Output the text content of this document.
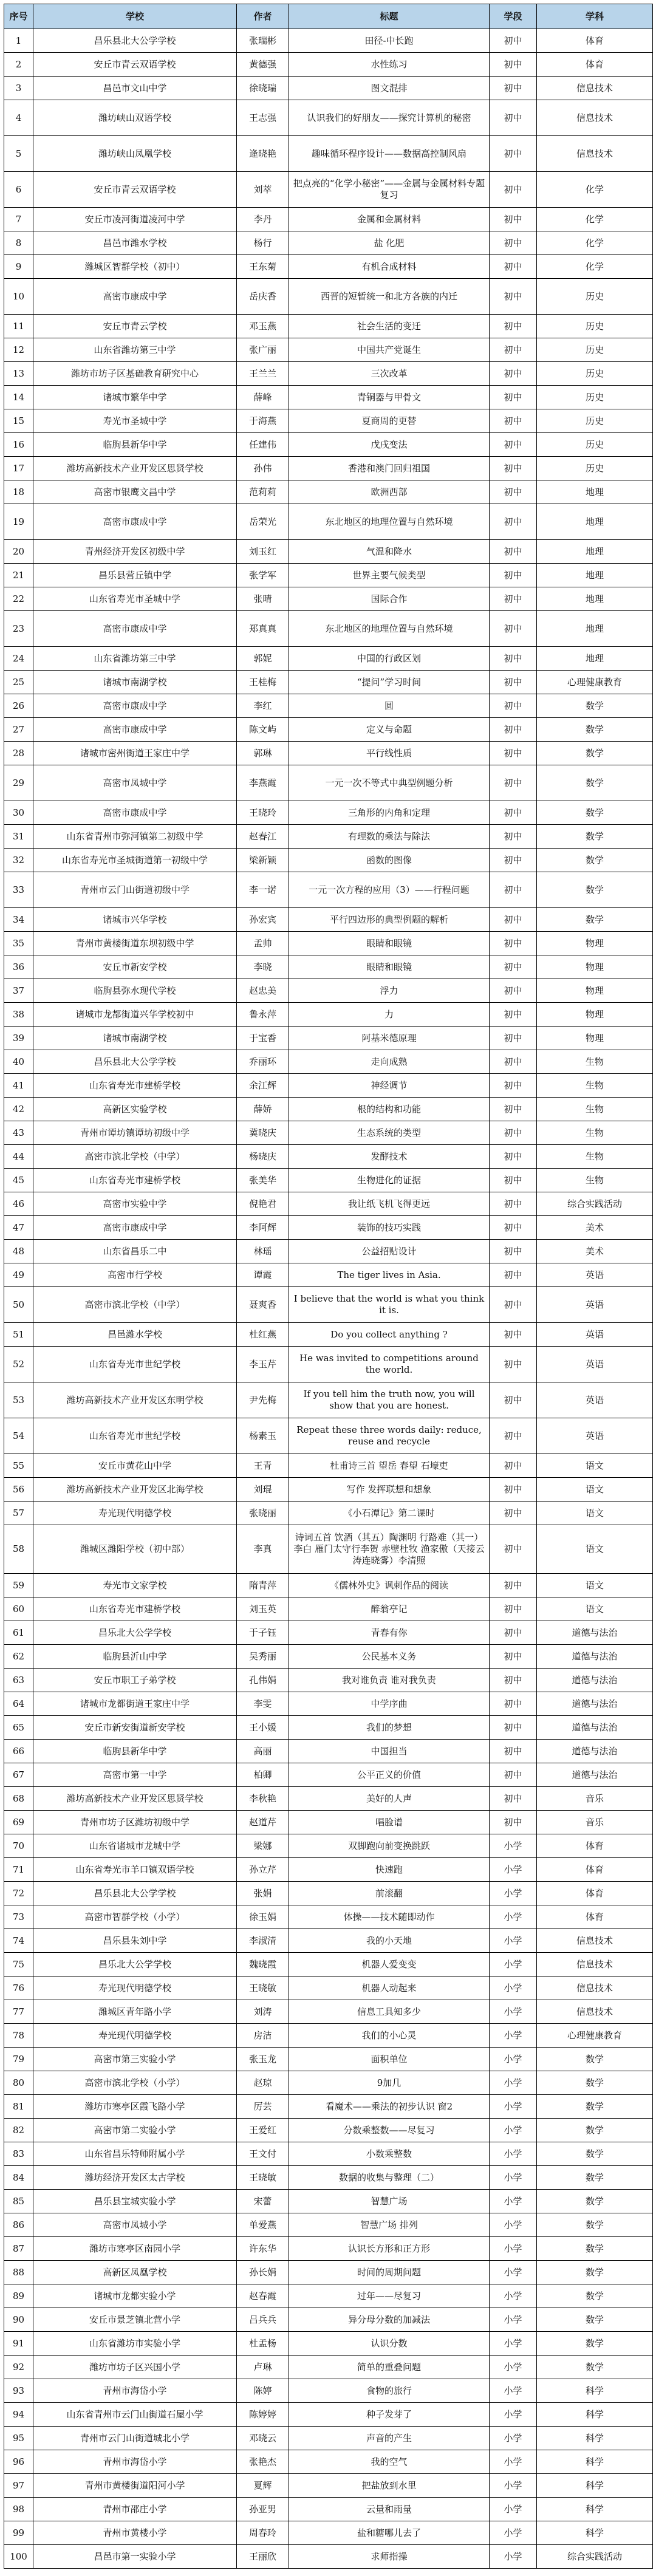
序号	学校	作者	标题	学段	学科
1	昌乐县北大公学学校	张瑞彬	田径-中长跑	初中	体育
2	安丘市青云双语学校	黄德强	水性练习	初中	体育
3	昌邑市文山中学	徐晓瑞	图文混排	初中	信息技术
4	潍坊峡山双语学校	王志强	认识我们的好朋友——探究计算机的秘密	初中	信息技术
5	潍坊峡山凤凰学校	逄晓艳	趣味循环程序设计——数据高控制风扇	初中	信息技术
6	安丘市青云双语学校	刘萃	把点亮的“化学小秘密”——金属与金属材料专题复习	初中	化学
7	安丘市凌河街道凌河中学	李丹	金属和金属材料	初中	化学
8	昌邑市潍水学校	杨行	盐 化肥	初中	化学
9	潍城区智群学校（初中）	王东菊	有机合成材料	初中	化学
10	高密市康成中学	岳庆香	西晋的短暂统一和北方各族的内迁	初中	历史
11	安丘市青云学校	邓玉燕	社会生活的变迁	初中	历史
12	山东省潍坊第三中学	张广丽	中国共产党诞生	初中	历史
13	潍坊市坊子区基础教育研究中心	王兰兰	三次改革	初中	历史
14	诸城市繁华中学	薛峰	青铜器与甲骨文	初中	历史
15	寿光市圣城中学	于海燕	夏商周的更替	初中	历史
16	临朐县新华中学	任建伟	戊戌变法	初中	历史
17	潍坊高新技术产业开发区思贤学校	孙伟	香港和澳门回归祖国	初中	历史
18	高密市银鹰文昌中学	范莉莉	欧洲西部	初中	地理
19	高密市康成中学	岳荣光	东北地区的地理位置与自然环境	初中	地理
20	青州经济开发区初级中学	刘玉红	气温和降水	初中	地理
21	昌乐县营丘镇中学	张学军	世界主要气候类型	初中	地理
22	山东省寿光市圣城中学	张晴	国际合作	初中	地理
23	高密市康成中学	郑真真	东北地区的地理位置与自然环境	初中	地理
24	山东省潍坊第三中学	郭妮	中国的行政区划	初中	地理
25	诸城市南湖学校	王桂梅	“提问”学习时间	初中	心理健康教育
26	高密市康成中学	李红	圆	初中	数学
27	高密市康成中学	陈文屿	定义与命题	初中	数学
28	诸城市密州街道王家庄中学	郭琳	平行线性质	初中	数学
29	高密市凤城中学	李燕霞	一元一次不等式中典型例题分析	初中	数学
30	高密市康成中学	王晓玲	三角形的内角和定理	初中	数学
31	山东省青州市弥河镇第二初级中学	赵春江	有理数的乘法与除法	初中	数学
32	山东省寿光市圣城街道第一初级中学	梁新颖	函数的图像	初中	数学
33	青州市云门山街道初级中学	李一诺	一元一次方程的应用（3）——行程问题	初中	数学
34	诸城市兴华学校	孙宏宾	平行四边形的典型例题的解析	初中	数学
35	青州市黄楼街道东坝初级中学	孟帅	眼睛和眼镜	初中	物理
36	安丘市新安学校	李晓	眼睛和眼镜	初中	物理
37	临朐县弥水现代学校	赵忠美	浮力	初中	物理
38	诸城市龙都街道兴华学校初中	鲁永萍	力	初中	物理
39	诸城市南湖学校	于宝香	阿基米德原理	初中	物理
40	昌乐县北大公学学校	乔丽环	走向成熟	初中	生物
41	山东省寿光市建桥学校	余江辉	神经调节	初中	生物
42	高新区实验学校	薛娇	根的结构和功能	初中	生物
43	青州市谭坊镇谭坊初级中学	冀晓庆	生态系统的类型	初中	生物
44	高密市滨北学校（中学）	杨晓庆	发酵技术	初中	生物
45	山东省寿光市建桥学校	张美华	生物进化的证据	初中	生物
46	高密市实验中学	倪艳君	我让纸飞机飞得更远	初中	综合实践活动
47	高密市康成中学	李阿辉	装饰的技巧实践	初中	美术
48	山东省昌乐二中	林瑶	公益招贴设计	初中	美术
49	高密市行学校	谭霞	The tiger lives in Asia.	初中	英语
50	高密市滨北学校（中学）	聂爽香	I believe that the world is what you think it is.	初中	英语
51	昌邑潍水学校	杜红燕	Do you collect anything ?	初中	英语
52	山东省寿光市世纪学校	李玉芹	He was invited to competitions around the world.	初中	英语
53	潍坊高新技术产业开发区东明学校	尹先梅	If you tell him the truth now, you will show that you are honest.	初中	英语
54	山东省寿光市世纪学校	杨素玉	Repeat these three words daily: reduce, reuse and recycle	初中	英语
55	安丘市黄花山中学	王青	杜甫诗三首 望岳 春望 石壕吏	初中	语文
56	潍坊高新技术产业开发区北海学校	刘琨	写作 发挥联想和想象	初中	语文
57	寿光现代明德学校	张晓丽	《小石潭记》第二课时	初中	语文
58	潍城区潍阳学校（初中部）	李真	诗词五首 饮酒（其五）陶渊明 行路难（其一）李白 雁门太守行李贺 赤壁杜牧 渔家傲（天接云涛连晓雾）李清照	初中	语文
59	寿光市文家学校	隋青萍	《儒林外史》讽刺作品的阅读	初中	语文
60	山东省寿光市建桥学校	刘玉英	醉翁亭记	初中	语文
61	昌乐北大公学学校	于子钰	青春有你	初中	道德与法治
62	临朐县沂山中学	吴秀丽	公民基本义务	初中	道德与法治
63	安丘市职工子弟学校	孔伟娟	我对谁负责 谁对我负责	初中	道德与法治
64	诸城市龙都街道王家庄中学	李雯	中学序曲	初中	道德与法治
65	安丘市新安街道新安学校	王小媛	我们的梦想	初中	道德与法治
66	临朐县新华中学	高丽	中国担当	初中	道德与法治
67	高密市第一中学	柏卿	公平正义的价值	初中	道德与法治
68	潍坊高新技术产业开发区思贤学校	李秋艳	美好的人声	初中	音乐
69	青州市坊子区潍坊初级中学	赵道芹	唱脸谱	初中	音乐
70	山东省诸城市龙城中学	梁娜	双脚跑向前变换跳跃	小学	体育
71	山东省寿光市羊口镇双语学校	孙立芹	快速跑	小学	体育
72	昌乐县北大公学学校	张娟	前滚翻	小学	体育
73	高密市智群学校（小学）	徐玉娟	体操——技术随即动作	小学	体育
74	昌乐县朱刘中学	李淑清	我的小天地	小学	信息技术
75	昌乐北大公学学校	魏晓霞	机器人爱变变	小学	信息技术
76	寿光现代明德学校	王晓敏	机器人动起来	小学	信息技术
77	潍城区青年路小学	刘涛	信息工具知多少	小学	信息技术
78	寿光现代明德学校	房洁	我们的小心灵	小学	心理健康教育
79	高密市第三实验小学	张玉龙	面积单位	小学	数学
80	高密市滨北学校（小学）	赵琼	9加几	小学	数学
81	潍坊市寒亭区霞飞路小学	厉芸	看魔术——乘法的初步认识 窗2	小学	数学
82	高密市第二实验小学	王爱红	分数乘整数——尽复习	小学	数学
83	山东省昌乐特师附属小学	王文付	小数乘整数	小学	数学
84	潍坊经济开发区太古学校	王晓敏	数据的收集与整理（二）	小学	数学
85	昌乐县宝城实验小学	宋蕾	智慧广场	小学	数学
86	高密市凤城小学	单爱燕	智慧广场 排列	小学	数学
87	潍坊市寒亭区南园小学	许东华	认识长方形和正方形	小学	数学
88	高新区凤凰学校	孙长娟	时间的周期问题	小学	数学
89	诸城市龙都实验小学	赵春霞	过年——尽复习	小学	数学
90	安丘市景芝镇北营小学	吕兵兵	异分母分数的加减法	小学	数学
91	山东省潍坊市实验小学	杜孟杨	认识分数	小学	数学
92	潍坊市坊子区兴国小学	卢琳	简单的重叠问题	小学	数学
93	青州市海岱小学	陈婷	食物的旅行	小学	科学
94	山东省青州市云门山街道石屋小学	陈婷婷	种子发芽了	小学	科学
95	青州市云门山街道城北小学	邓晓云	声音的产生	小学	科学
96	青州市海岱小学	张艳杰	我的空气	小学	科学
97	青州市黄楼街道阳河小学	夏辉	把盐放到水里	小学	科学
98	青州市邵庄小学	孙亚男	云量和雨量	小学	科学
99	青州市黄楼小学	周春玲	盐和糖哪儿去了	小学	科学
100	昌邑市第一实验小学	王丽欣	求师指操	小学	综合实践活动
